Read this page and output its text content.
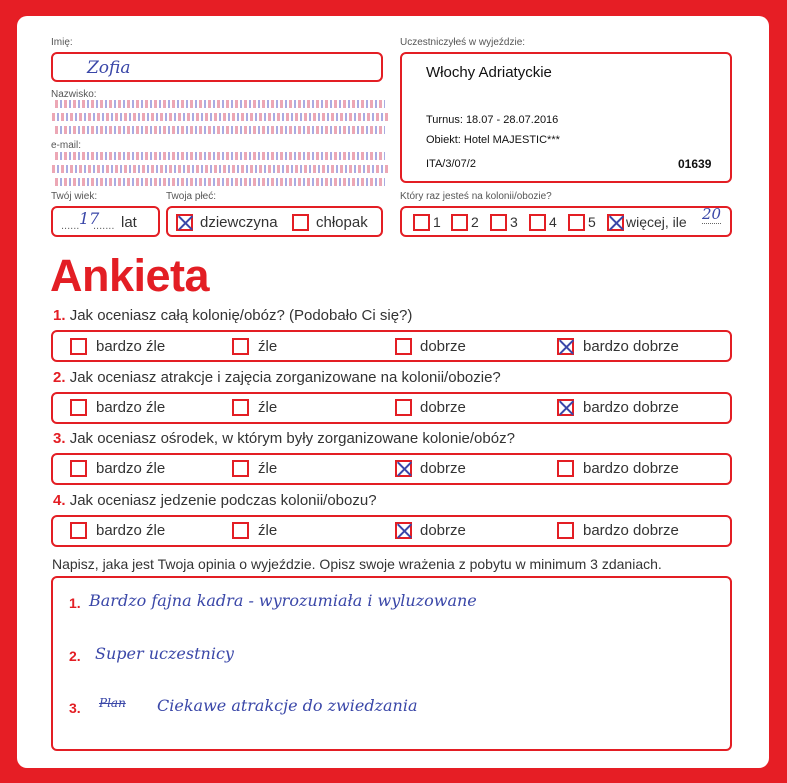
Imię:
Zofia
Nazwisko:
e-mail:
Twój wiek:
...... 17
....... lat
Twoja płeć:
dziewczyna	chłopak
Uczestniczyłeś w wyjeździe:
Włochy Adriatyckie
Turnus: 18.07 - 28.07.2016
Obiekt: Hotel MAJESTIC***
ITA/3/07/2	01639
Który raz jesteś na kolonii/obozie?
1 2 3 4 5 więcej, ile 20
Ankieta
1. Jak oceniasz całą kolonię/obóz? (Podobało Ci się?)
bardzo źle	źle	dobrze	bardzo dobrze
2. Jak oceniasz atrakcje i zajęcia zorganizowane na kolonii/obozie?
bardzo źle	źle	dobrze	bardzo dobrze
3. Jak oceniasz ośrodek, w którym były zorganizowane kolonie/obóz?
bardzo źle	źle	dobrze	bardzo dobrze
4. Jak oceniasz jedzenie podczas kolonii/obozu?
bardzo źle	źle	dobrze	bardzo dobrze
Napisz, jaka jest Twoja opinia o wyjeździe. Opisz swoje wrażenia z pobytu w minimum 3 zdaniach.
1. Bardzo fajna kadra - wyrozumiała i wyluzowane
2. Super uczestnicy
3. Plan Ciekawe atrakcje do zwiedzania
